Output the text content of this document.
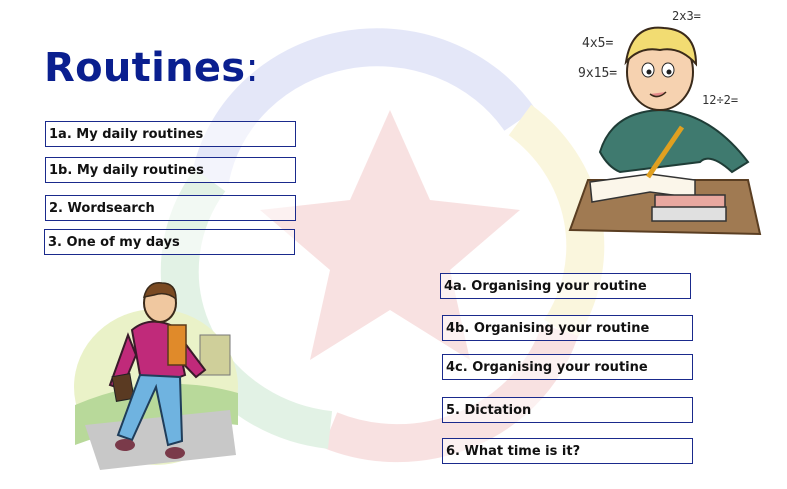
Routines:
1a. My daily routines
1b. My daily routines
2. Wordsearch
3. One of my days
4a. Organising your routine
4b. Organising your routine
4c. Organising your routine
5. Dictation
6. What time is it?
4x5=
2x3=
9x15=
12÷2=
